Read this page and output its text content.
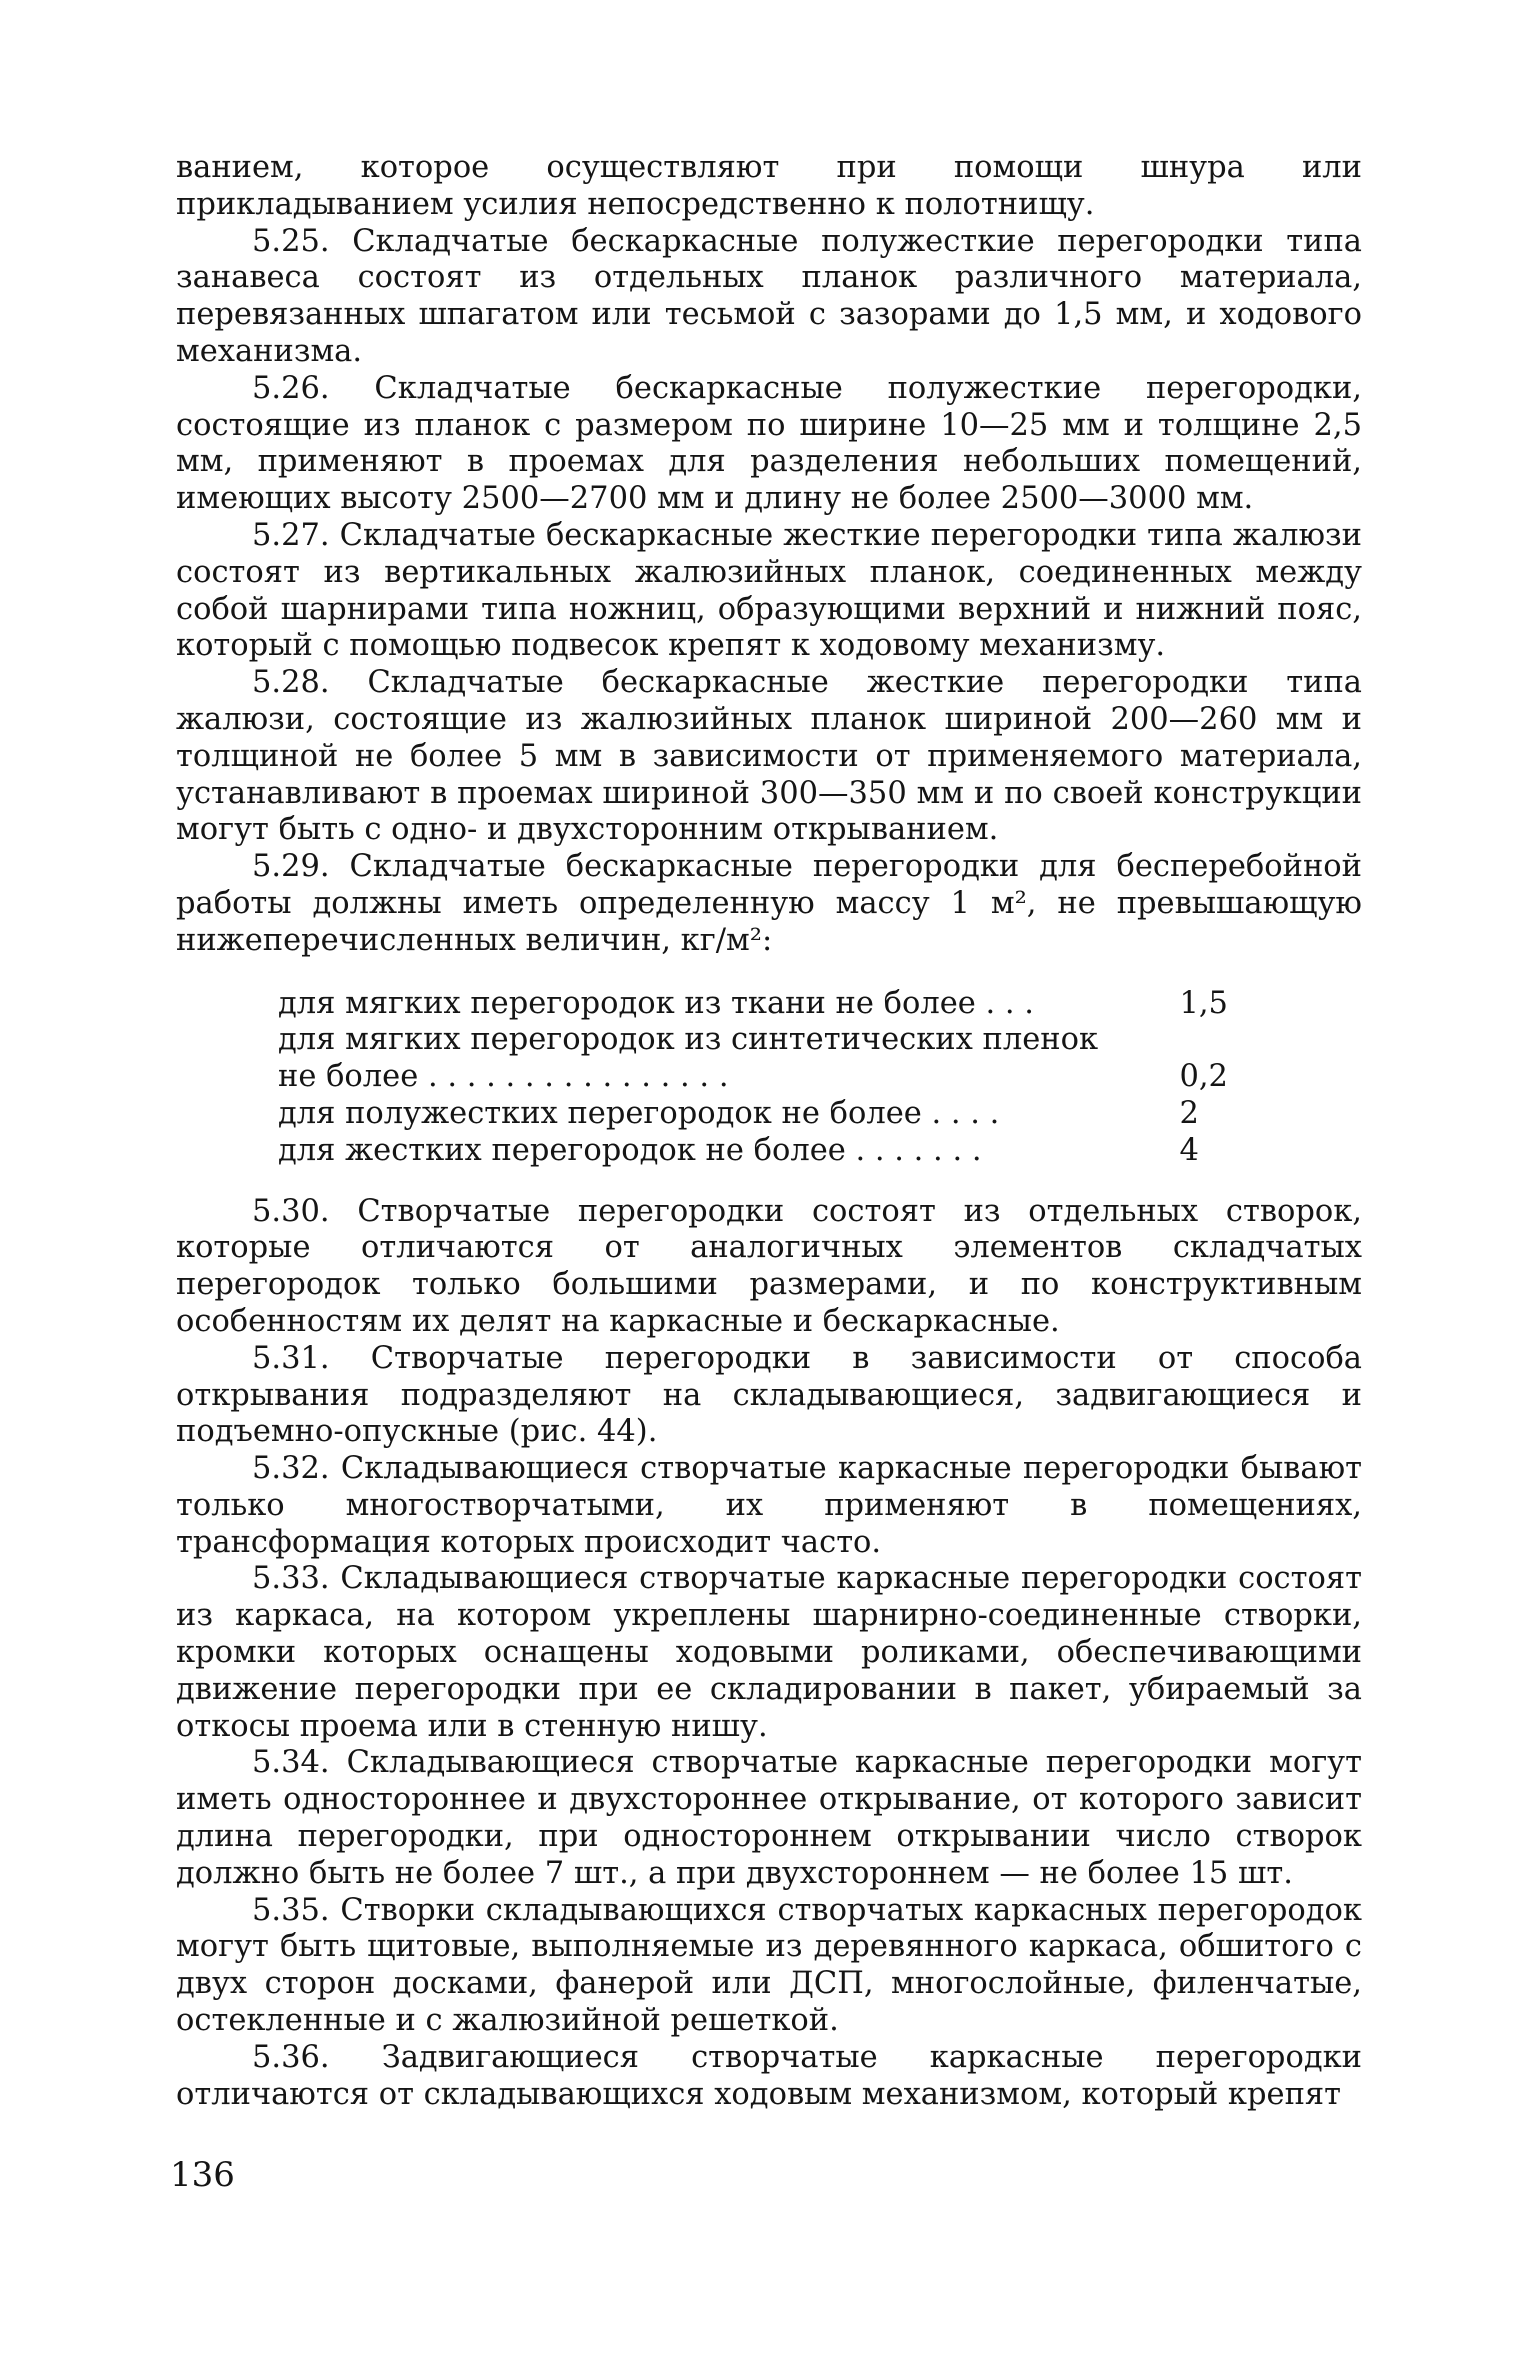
ванием, которое осуществляют при помощи шнура или прикладыванием усилия непосредственно к полотнищу.

5.25. Складчатые бескаркасные полужесткие перегородки типа занавеса состоят из отдельных планок различного материала, перевязанных шпагатом или тесьмой с зазорами до 1,5 мм, и ходового механизма.

5.26. Складчатые бескаркасные полужесткие перегородки, состоящие из планок с размером по ширине 10—25 мм и толщине 2,5 мм, применяют в проемах для разделения небольших помещений, имеющих высоту 2500—2700 мм и длину не более 2500—3000 мм.

5.27. Складчатые бескаркасные жесткие перегородки типа жалюзи состоят из вертикальных жалюзийных планок, соединенных между собой шарнирами типа ножниц, образующими верхний и нижний пояс, который с помощью подвесок крепят к ходовому механизму.

5.28. Складчатые бескаркасные жесткие перегородки типа жалюзи, состоящие из жалюзийных планок шириной 200—260 мм и толщиной не более 5 мм в зависимости от применяемого материала, устанавливают в проемах шириной 300—350 мм и по своей конструкции могут быть с одно- и двухсторонним открыванием.

5.29. Складчатые бескаркасные перегородки для бесперебойной работы должны иметь определенную массу 1 м², не превышающую нижеперечисленных величин, кг/м²:

для мягких перегородок из ткани не более . . .	1,5
для мягких перегородок из синтетических пленок	
не более . . . . . . . . . . . . . . . .	0,2
для полужестких перегородок не более . . . .	2
для жестких перегородок не более . . . . . . .	4

5.30. Створчатые перегородки состоят из отдельных створок, которые отличаются от аналогичных элементов складчатых перегородок только большими размерами, и по конструктивным особенностям их делят на каркасные и бескаркасные.

5.31. Створчатые перегородки в зависимости от способа открывания подразделяют на складывающиеся, задвигающиеся и подъемно-опускные (рис. 44).

5.32. Складывающиеся створчатые каркасные перегородки бывают только многостворчатыми, их применяют в помещениях, трансформация которых происходит часто.

5.33. Складывающиеся створчатые каркасные перегородки состоят из каркаса, на котором укреплены шарнирно-соединенные створки, кромки которых оснащены ходовыми роликами, обеспечивающими движение перегородки при ее складировании в пакет, убираемый за откосы проема или в стенную нишу.

5.34. Складывающиеся створчатые каркасные перегородки могут иметь одностороннее и двухстороннее открывание, от которого зависит длина перегородки, при одностороннем открывании число створок должно быть не более 7 шт., а при двухстороннем — не более 15 шт.

5.35. Створки складывающихся створчатых каркасных перегородок могут быть щитовые, выполняемые из деревянного каркаса, обшитого с двух сторон досками, фанерой или ДСП, многослойные, филенчатые, остекленные и с жалюзийной решеткой.

5.36. Задвигающиеся створчатые каркасные перегородки отличаются от складывающихся ходовым механизмом, который крепят

136
